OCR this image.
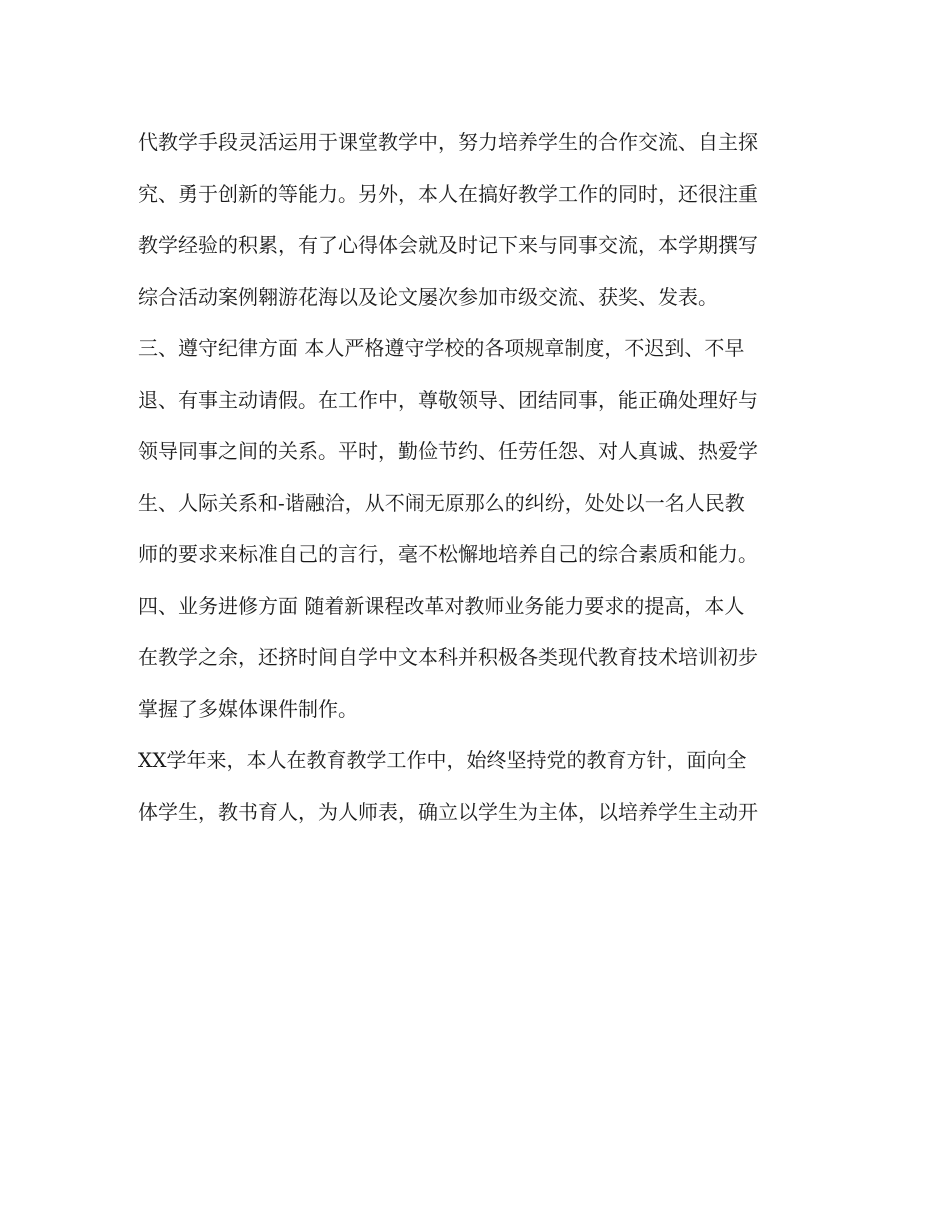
代教学手段灵活运用于课堂教学中，努力培养学生的合作交流、自主探
究、勇于创新的等能力。另外，本人在搞好教学工作的同时，还很注重
教学经验的积累，有了心得体会就及时记下来与同事交流，本学期撰写
综合活动案例翱游花海以及论文屡次参加市级交流、获奖、发表。
三、遵守纪律方面 本人严格遵守学校的各项规章制度，不迟到、不早
退、有事主动请假。在工作中，尊敬领导、团结同事，能正确处理好与
领导同事之间的关系。平时，勤俭节约、任劳任怨、对人真诚、热爱学
生、人际关系和-谐融洽，从不闹无原那么的纠纷，处处以一名人民教
师的要求来标准自己的言行，毫不松懈地培养自己的综合素质和能力。
四、业务进修方面 随着新课程改革对教师业务能力要求的提高，本人
在教学之余，还挤时间自学中文本科并积极各类现代教育技术培训初步
掌握了多媒体课件制作。
XX学年来，本人在教育教学工作中，始终坚持党的教育方针，面向全
体学生，教书育人，为人师表，确立以学生为主体，以培养学生主动开
